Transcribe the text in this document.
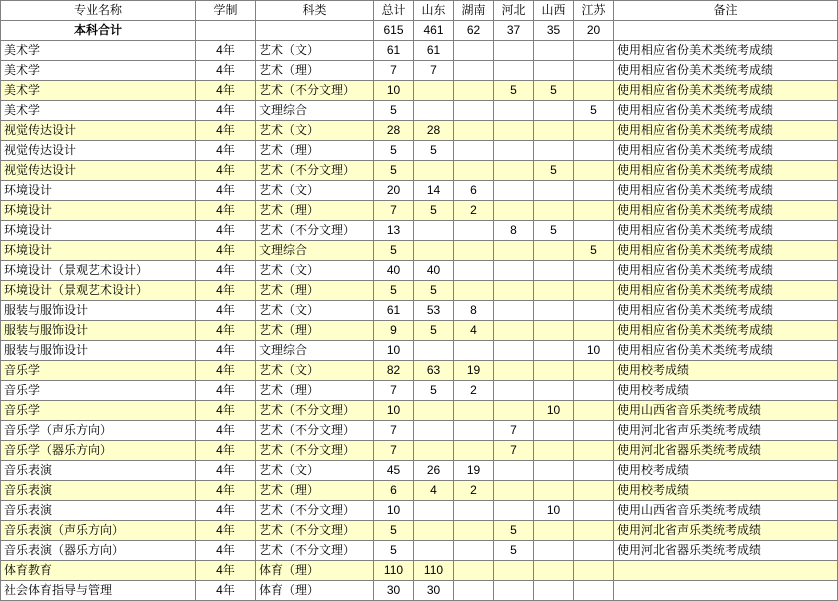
专业名称	学制	科类	总计	山东	湖南	河北	山西	江苏	备注
本科合计			615	461	62	37	35	20	
美术学	4年	艺术（文）	61	61					使用相应省份美术类统考成绩
美术学	4年	艺术（理）	7	7					使用相应省份美术类统考成绩
美术学	4年	艺术（不分文理）	10			5	5		使用相应省份美术类统考成绩
美术学	4年	文理综合	5					5	使用相应省份美术类统考成绩
视觉传达设计	4年	艺术（文）	28	28					使用相应省份美术类统考成绩
视觉传达设计	4年	艺术（理）	5	5					使用相应省份美术类统考成绩
视觉传达设计	4年	艺术（不分文理）	5				5		使用相应省份美术类统考成绩
环境设计	4年	艺术（文）	20	14	6				使用相应省份美术类统考成绩
环境设计	4年	艺术（理）	7	5	2				使用相应省份美术类统考成绩
环境设计	4年	艺术（不分文理）	13			8	5		使用相应省份美术类统考成绩
环境设计	4年	文理综合	5					5	使用相应省份美术类统考成绩
环境设计（景观艺术设计）	4年	艺术（文）	40	40					使用相应省份美术类统考成绩
环境设计（景观艺术设计）	4年	艺术（理）	5	5					使用相应省份美术类统考成绩
服装与服饰设计	4年	艺术（文）	61	53	8				使用相应省份美术类统考成绩
服装与服饰设计	4年	艺术（理）	9	5	4				使用相应省份美术类统考成绩
服装与服饰设计	4年	文理综合	10					10	使用相应省份美术类统考成绩
音乐学	4年	艺术（文）	82	63	19				使用校考成绩
音乐学	4年	艺术（理）	7	5	2				使用校考成绩
音乐学	4年	艺术（不分文理）	10				10		使用山西省音乐类统考成绩
音乐学（声乐方向）	4年	艺术（不分文理）	7			7			使用河北省声乐类统考成绩
音乐学（器乐方向）	4年	艺术（不分文理）	7			7			使用河北省器乐类统考成绩
音乐表演	4年	艺术（文）	45	26	19				使用校考成绩
音乐表演	4年	艺术（理）	6	4	2				使用校考成绩
音乐表演	4年	艺术（不分文理）	10				10		使用山西省音乐类统考成绩
音乐表演（声乐方向）	4年	艺术（不分文理）	5			5			使用河北省声乐类统考成绩
音乐表演（器乐方向）	4年	艺术（不分文理）	5			5			使用河北省器乐类统考成绩
体育教育	4年	体育（理）	110	110					
社会体育指导与管理	4年	体育（理）	30	30					
